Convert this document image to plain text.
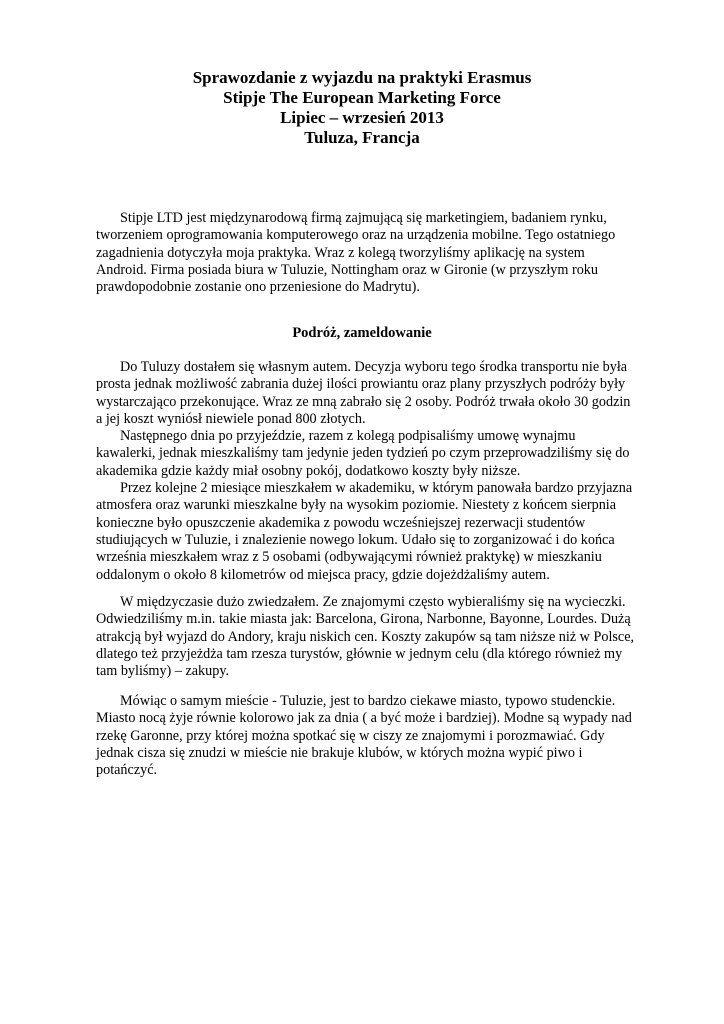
Sprawozdanie z wyjazdu na praktyki Erasmus
Stipje The European Marketing Force
Lipiec – wrzesień 2013
Tuluza, Francja

Stipje LTD jest międzynarodową firmą zajmującą się marketingiem, badaniem rynku, tworzeniem oprogramowania komputerowego oraz na urządzenia mobilne. Tego ostatniego zagadnienia dotyczyła moja praktyka. Wraz z kolegą tworzyliśmy aplikację na system Android. Firma posiada biura w Tuluzie, Nottingham oraz w Gironie (w przyszłym roku prawdopodobnie zostanie ono przeniesione do Madrytu).

Podróż, zameldowanie

Do Tuluzy dostałem się własnym autem. Decyzja wyboru tego środka transportu nie była prosta jednak możliwość zabrania dużej ilości prowiantu oraz plany przyszłych podróży były wystarczająco przekonujące. Wraz ze mną zabrało się 2 osoby. Podróż trwała około 30 godzin a jej koszt wyniósł niewiele ponad 800 złotych.

Następnego dnia po przyjeździe, razem z kolegą podpisaliśmy umowę wynajmu kawalerki, jednak mieszkaliśmy tam jedynie jeden tydzień po czym przeprowadziliśmy się do akademika gdzie każdy miał osobny pokój, dodatkowo koszty były niższe.

Przez kolejne 2 miesiące mieszkałem w akademiku, w którym panowała bardzo przyjazna atmosfera oraz warunki mieszkalne były na wysokim poziomie. Niestety z końcem sierpnia konieczne było opuszczenie akademika z powodu wcześniejszej rezerwacji studentów studiujących w Tuluzie, i znalezienie nowego lokum. Udało się to zorganizować i do końca września mieszkałem wraz z 5 osobami (odbywającymi również praktykę) w mieszkaniu oddalonym o około 8 kilometrów od miejsca pracy, gdzie dojeżdżaliśmy autem.

W międzyczasie dużo zwiedzałem. Ze znajomymi często wybieraliśmy się na wycieczki. Odwiedziliśmy m.in. takie miasta jak: Barcelona, Girona, Narbonne, Bayonne, Lourdes. Dużą atrakcją był wyjazd do Andory, kraju niskich cen. Koszty zakupów są tam niższe niż w Polsce, dlatego też przyjeżdża tam rzesza turystów, głównie w jednym celu (dla którego również my tam byliśmy) – zakupy.

Mówiąc o samym mieście - Tuluzie, jest to bardzo ciekawe miasto, typowo studenckie. Miasto nocą żyje równie kolorowo jak za dnia ( a być może i bardziej). Modne są wypady nad rzekę Garonne, przy której można spotkać się w ciszy ze znajomymi i porozmawiać. Gdy jednak cisza się znudzi w mieście nie brakuje klubów, w których można wypić piwo i potańczyć.
